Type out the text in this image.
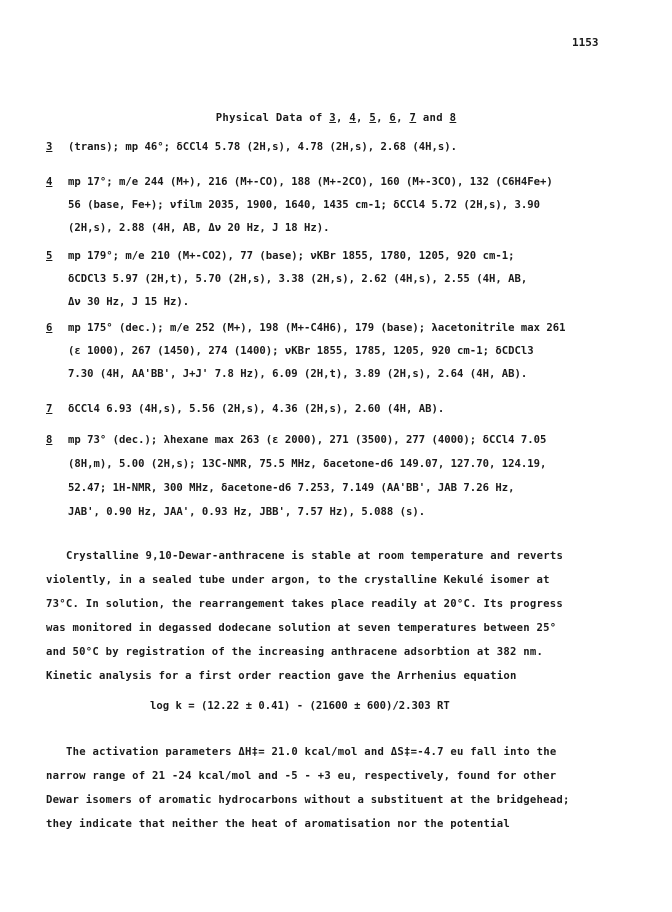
1153
Physical Data of 3, 4, 5, 6, 7 and 8
3 (trans); mp 46°; δCCl4 5.78 (2H,s), 4.78 (2H,s), 2.68 (4H,s).
4 mp 17°; m/e 244 (M+), 216 (M+-CO), 188 (M+-2CO), 160 (M+-3CO), 132 (C6H4Fe+)
56 (base, Fe+); νfilm 2035, 1900, 1640, 1435 cm-1; δCCl4 5.72 (2H,s), 3.90
(2H,s), 2.88 (4H, AB, Δν 20 Hz, J 18 Hz).
5 mp 179°; m/e 210 (M+-CO2), 77 (base); νKBr 1855, 1780, 1205, 920 cm-1;
δCDCl3 5.97 (2H,t), 5.70 (2H,s), 3.38 (2H,s), 2.62 (4H,s), 2.55 (4H, AB,
Δν 30 Hz, J 15 Hz).
6 mp 175° (dec.); m/e 252 (M+), 198 (M+-C4H6), 179 (base); λacetonitrile max 261
(ε 1000), 267 (1450), 274 (1400); νKBr 1855, 1785, 1205, 920 cm-1; δCDCl3
7.30 (4H, AA'BB', J+J' 7.8 Hz), 6.09 (2H,t), 3.89 (2H,s), 2.64 (4H, AB).
7 δCCl4 6.93 (4H,s), 5.56 (2H,s), 4.36 (2H,s), 2.60 (4H, AB).
8 mp 73° (dec.); λhexane max 263 (ε 2000), 271 (3500), 277 (4000); δCCl4 7.05
(8H,m), 5.00 (2H,s); 13C-NMR, 75.5 MHz, δacetone-d6 149.07, 127.70, 124.19,
52.47; 1H-NMR, 300 MHz, δacetone-d6 7.253, 7.149 (AA'BB', JAB 7.26 Hz,
JAB', 0.90 Hz, JAA', 0.93 Hz, JBB', 7.57 Hz), 5.088 (s).
Crystalline 9,10-Dewar-anthracene is stable at room temperature and reverts
violently, in a sealed tube under argon, to the crystalline Kekulé isomer at
73°C. In solution, the rearrangement takes place readily at 20°C. Its progress
was monitored in degassed dodecane solution at seven temperatures between 25°
and 50°C by registration of the increasing anthracene adsorbtion at 382 nm.
Kinetic analysis for a first order reaction gave the Arrhenius equation
log k = (12.22 ± 0.41) - (21600 ± 600)/2.303 RT
The activation parameters ΔH‡= 21.0 kcal/mol and ΔS‡=-4.7 eu fall into the
narrow range of 21 -24 kcal/mol and -5 - +3 eu, respectively, found for other
Dewar isomers of aromatic hydrocarbons without a substituent at the bridgehead;
they indicate that neither the heat of aromatisation nor the potential
